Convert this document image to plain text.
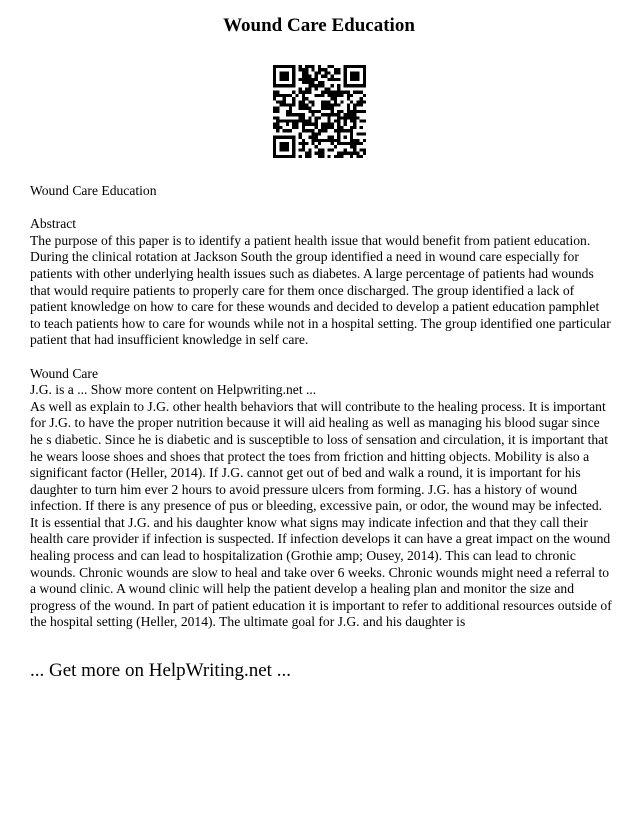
Wound Care Education

Wound Care Education

Abstract

The purpose of this paper is to identify a patient health issue that would benefit from patient education. During the clinical rotation at Jackson South the group identified a need in wound care especially for patients with other underlying health issues such as diabetes. A large percentage of patients had wounds that would require patients to properly care for them once discharged. The group identified a lack of patient knowledge on how to care for these wounds and decided to develop a patient education pamphlet to teach patients how to care for wounds while not in a hospital setting. The group identified one particular patient that had insufficient knowledge in self care.

Wound Care

J.G. is a ... Show more content on Helpwriting.net ...

As well as explain to J.G. other health behaviors that will contribute to the healing process. It is important for J.G. to have the proper nutrition because it will aid healing as well as managing his blood sugar since he s diabetic. Since he is diabetic and is susceptible to loss of sensation and circulation, it is important that he wears loose shoes and shoes that protect the toes from friction and hitting objects. Mobility is also a significant factor (Heller, 2014). If J.G. cannot get out of bed and walk a round, it is important for his daughter to turn him ever 2 hours to avoid pressure ulcers from forming. J.G. has a history of wound infection. If there is any presence of pus or bleeding, excessive pain, or odor, the wound may be infected. It is essential that J.G. and his daughter know what signs may indicate infection and that they call their health care provider if infection is suspected. If infection develops it can have a great impact on the wound healing process and can lead to hospitalization (Grothie amp; Ousey, 2014). This can lead to chronic wounds. Chronic wounds are slow to heal and take over 6 weeks. Chronic wounds might need a referral to a wound clinic. A wound clinic will help the patient develop a healing plan and monitor the size and progress of the wound. In part of patient education it is important to refer to additional resources outside of the hospital setting (Heller, 2014). The ultimate goal for J.G. and his daughter is

... Get more on HelpWriting.net ...
